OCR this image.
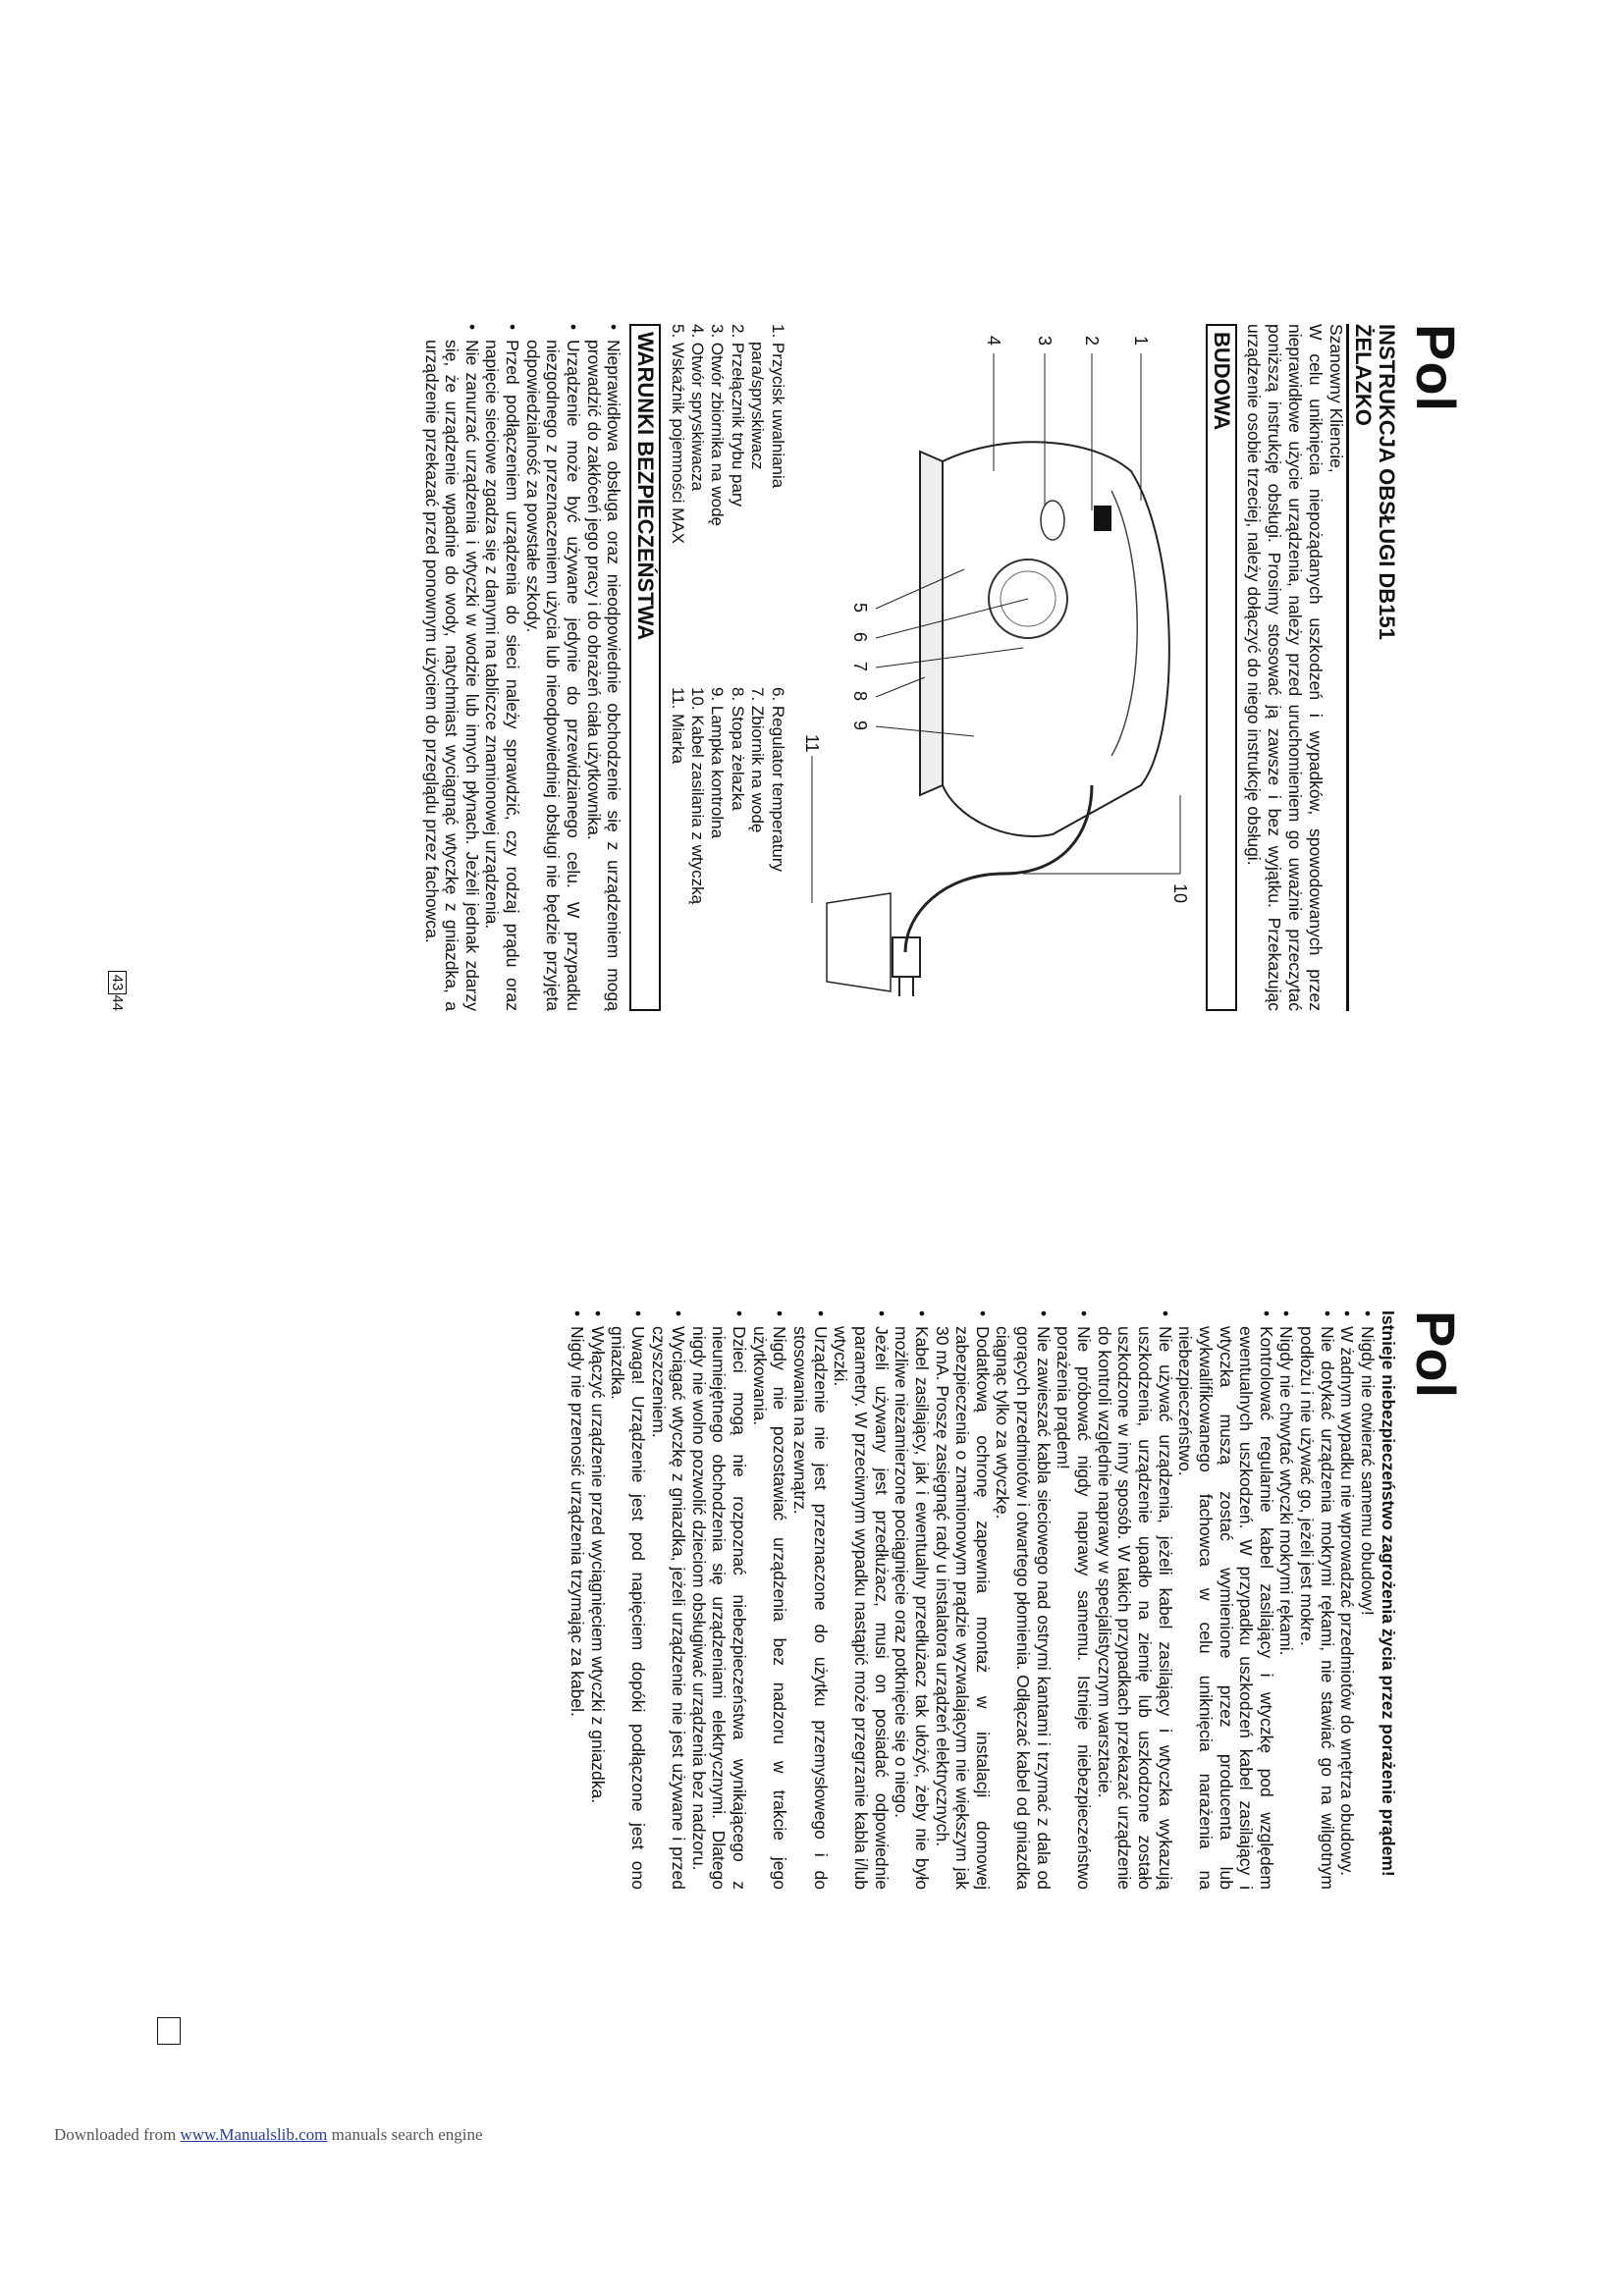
Pol
INSTRUKCJA OBSŁUGI DB151
ŻELAZKO
Szanowny Kliencie,
W celu uniknięcia niepożądanych uszkodzeń i wypadków, spowodowanych przez nieprawidłowe użycie urządzenia, należy przed uruchomieniem go uważnie przeczytać poniższą instrukcję obsługi. Prosimy stosować ją zawsze i bez wyjątku. Przekazując urządzenie osobie trzeciej, należy dołączyć do niego instrukcję obsługi.
BUDOWA
1
2
3
4
5
6
7
8
9
10
11
1. Przycisk uwalniania
para/spryskiwacz
2. Przełącznik trybu pary
3. Otwór zbiornika na wodę
4. Otwór spryskiwacza
5. Wskaźnik pojemności MAX
6. Regulator temperatury
7. Zbiornik na wodę
8. Stopa żelazka
9. Lampka kontrolna
10. Kabel zasilania z wtyczką
11. Miarka
WARUNKI BEZPIECZEŃSTWA
• Nieprawidłowa obsługa oraz nieodpowiednie obchodzenie się z urządzeniem mogą prowadzić do zakłóceń jego pracy i do obrażeń ciała użytkownika.
• Urządzenie może być używane jedynie do przewidzianego celu. W przypadku niezgodnego z przeznaczeniem użycia lub nieodpowiedniej obsługi nie będzie przyjęta odpowiedzialność za powstałe szkody.
• Przed podłączeniem urządzenia do sieci należy sprawdzić, czy rodzaj prądu oraz napięcie sieciowe zgadza się z danymi na tabliczce znamionowej urządzenia.
• Nie zanurzać urządzenia i wtyczki w wodzie lub innych płynach. Jeżeli jednak zdarzy się, że urządzenie wpadnie do wody, natychmiast wyciągnąć wtyczkę z gniazdka, a urządzenie przekazać przed ponownym użyciem do przeglądu przez fachowca.
4344
Pol
Istnieje niebezpieczeństwo zagrożenia życia przez porażenie prądem!
• Nigdy nie otwierać samemu obudowy!
• W żadnym wypadku nie wprowadzać przedmiotów do wnętrza obudowy.
• Nie dotykać urządzenia mokrymi rękami, nie stawiać go na wilgotnym podłożu i nie używać go, jeżeli jest mokre.
• Nigdy nie chwytać wtyczki mokrymi rękami.
• Kontrolować regularnie kabel zasilający i wtyczkę pod względem ewentualnych uszkodzeń. W przypadku uszkodzeń kabel zasilający i wtyczka muszą zostać wymienione przez producenta lub wykwalifikowanego fachowca w celu uniknięcia narażenia na niebezpieczeństwo.
• Nie używać urządzenia, jeżeli kabel zasilający i wtyczka wykazują uszkodzenia, urządzenie upadło na ziemię lub uszkodzone zostało uszkodzone w inny sposób. W takich przypadkach przekazać urządzenie do kontroli względnie naprawy w specjalistycznym warsztacie.
• Nie próbować nigdy naprawy samemu. Istnieje niebezpieczeństwo porażenia prądem!
• Nie zawieszać kabla sieciowego nad ostrymi kantami i trzymać z dala od gorących przedmiotów i otwartego płomienia. Odłączać kabel od gniazdka ciągnąc tylko za wtyczkę.
• Dodatkową ochronę zapewnia montaż w instalacji domowej zabezpieczenia o znamionowym prądzie wyzwalającym nie większym jak 30 mA. Proszę zasięgnąć rady u instalatora urządzeń elektrycznych.
• Kabel zasilający, jak i ewentualny przedłużacz tak ułożyć, żeby nie było możliwe niezamierzone pociągnięcie oraz potknięcie się o niego.
• Jeżeli używany jest przedłużacz, musi on posiadać odpowiednie parametry. W przeciwnym wypadku nastąpić może przegrzanie kabla i/lub wtyczki.
• Urządzenie nie jest przeznaczone do użytku przemysłowego i do stosowania na zewnątrz.
• Nigdy nie pozostawiać urządzenia bez nadzoru w trakcie jego użytkowania.
• Dzieci mogą nie rozpoznać niebezpieczeństwa wynikającego z nieumiejętnego obchodzenia się urządzeniami elektrycznymi. Dlatego nigdy nie wolno pozwolić dzieciom obsługiwać urządzenia bez nadzoru.
• Wyciągać wtyczkę z gniazdka, jeżeli urządzenie nie jest używane i przed czyszczeniem.
• Uwaga! Urządzenie jest pod napięciem dopóki podłączone jest ono gniazdka.
• Wyłączyć urządzenie przed wyciągnięciem wtyczki z gniazdka.
• Nigdy nie przenosić urządzenia trzymając za kabel.
Downloaded from www.Manualslib.com manuals search engine
